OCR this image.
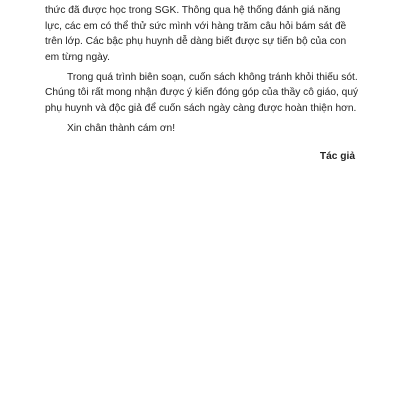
thức đã được học trong SGK. Thông qua hệ thống đánh giá năng
lực, các em có thể thử sức mình với hàng trăm câu hỏi bám sát đề
trên lớp. Các bậc phụ huynh dễ dàng biết được sự tiến bộ của con
em từng ngày.
Trong quá trình biên soạn, cuốn sách không tránh khỏi thiếu sót.
Chúng tôi rất mong nhận được ý kiến đóng góp của thầy cô giáo, quý
phụ huynh và độc giả để cuốn sách ngày càng được hoàn thiện hơn.
Xin chân thành cám ơn!
Tác giả
